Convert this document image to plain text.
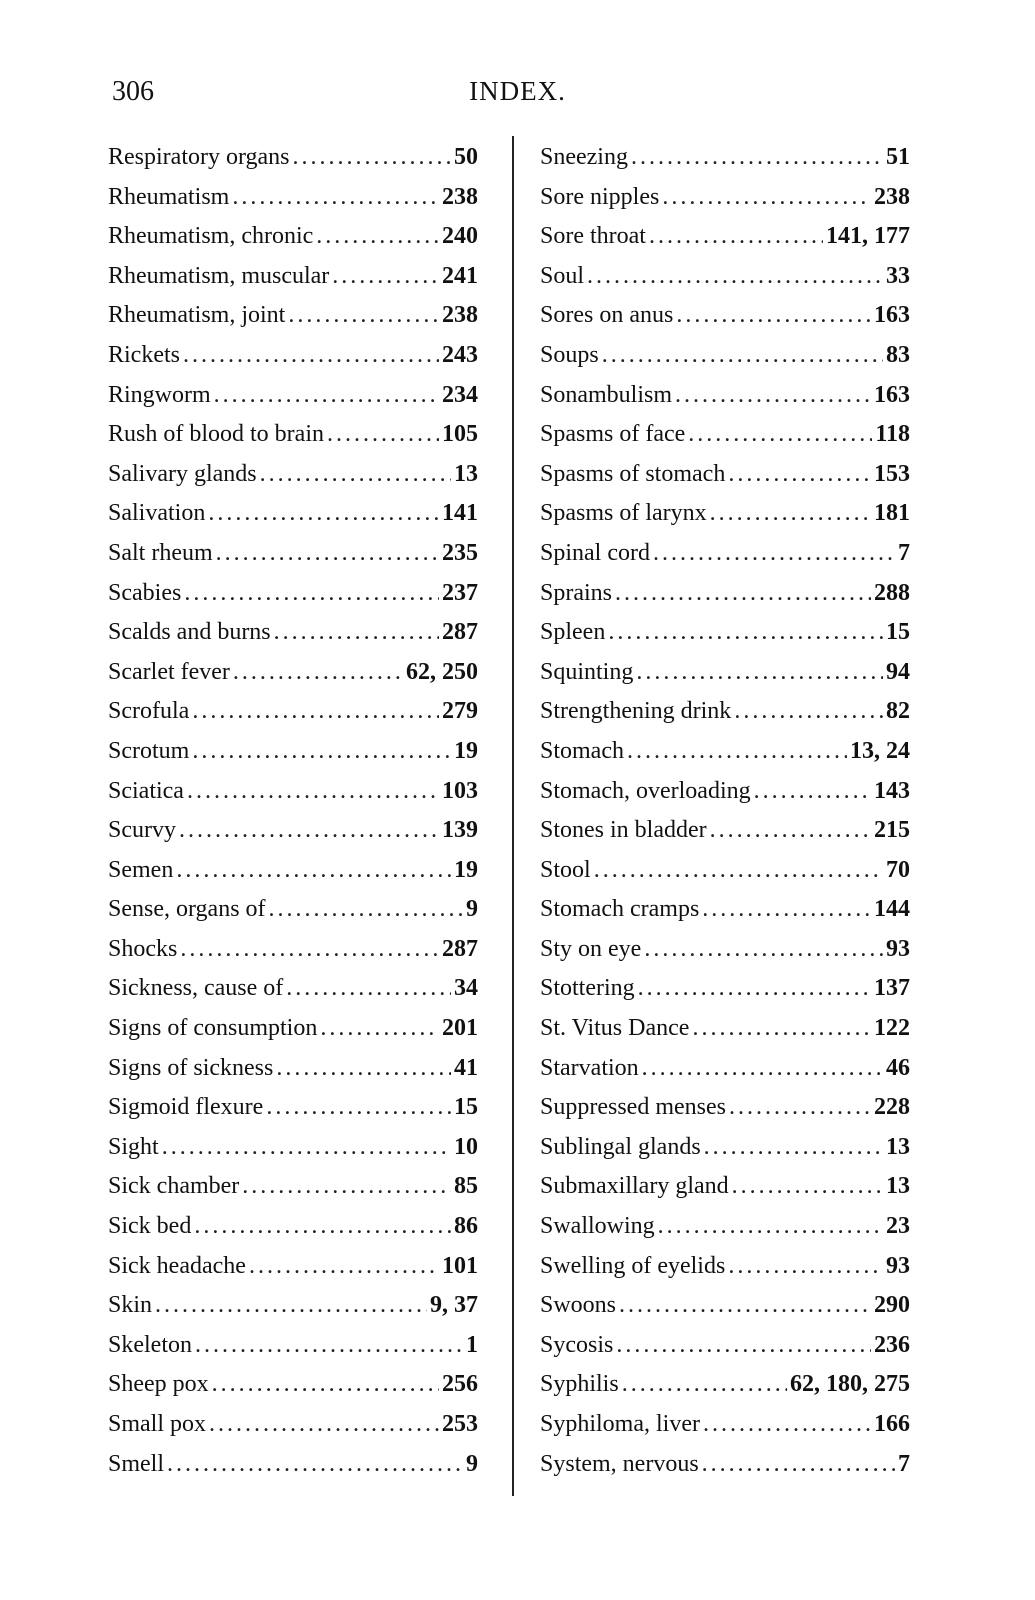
306	INDEX.
Respiratory organs .....	50
Rheumatism .....	238
Rheumatism, chronic .....	240
Rheumatism, muscular .....	241
Rheumatism, joint .....	238
Rickets .....	243
Ringworm .....	234
Rush of blood to brain .....	105
Salivary glands .....	13
Salivation .....	141
Salt rheum .....	235
Scabies .....	237
Scalds and burns .....	287
Scarlet fever .....	62, 250
Scrofula .....	279
Scrotum .....	19
Sciatica .....	103
Scurvy .....	139
Semen .....	19
Sense, organs of .....	9
Shocks .....	287
Sickness, cause of .....	34
Signs of consumption .....	201
Signs of sickness .....	41
Sigmoid flexure .....	15
Sight .....	10
Sick chamber .....	85
Sick bed .....	86
Sick headache .....	101
Skin .....	9, 37
Skeleton .....	1
Sheep pox .....	256
Small pox .....	253
Smell .....	9
Sneezing .....	51
Sore nipples .....	238
Sore throat .....	141, 177
Soul .....	33
Sores on anus .....	163
Soups .....	83
Sonambulism .....	163
Spasms of face .....	118
Spasms of stomach .....	153
Spasms of larynx .....	181
Spinal cord .....	7
Sprains .....	288
Spleen .....	15
Squinting .....	94
Strengthening drink .....	82
Stomach .....	13, 24
Stomach, overloading .....	143
Stones in bladder .....	215
Stool .....	70
Stomach cramps .....	144
Sty on eye .....	93
Stottering .....	137
St. Vitus Dance .....	122
Starvation .....	46
Suppressed menses .....	228
Sublingal glands .....	13
Submaxillary gland .....	13
Swallowing .....	23
Swelling of eyelids .....	93
Swoons .....	290
Sycosis .....	236
Syphilis .....	62, 180, 275
Syphiloma, liver .....	166
System, nervous .....	7
